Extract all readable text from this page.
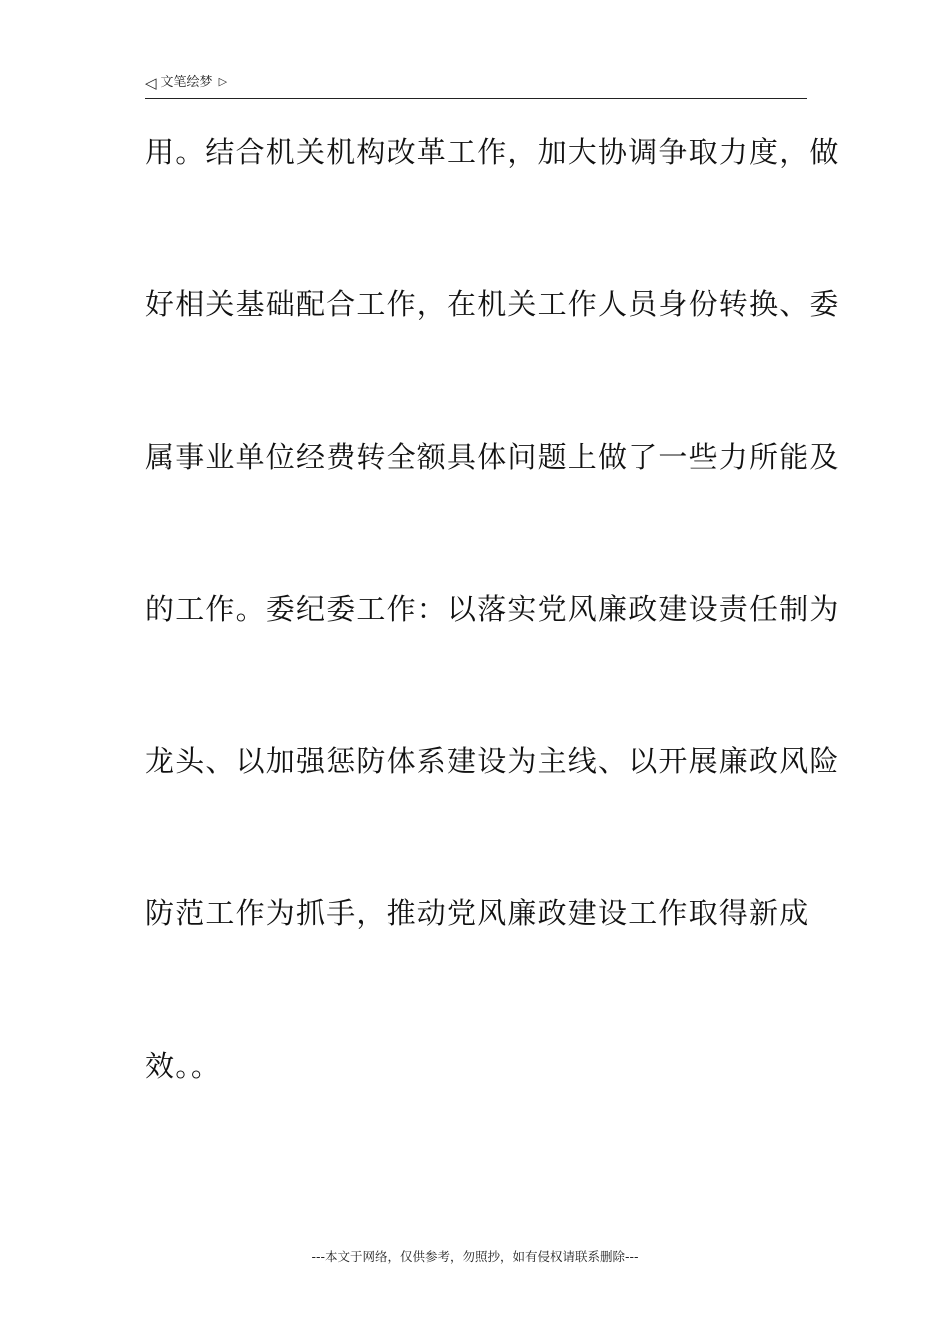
◁ 文笔绘梦 ▷
用。结合机关机构改革工作，加大协调争取力度，做
好相关基础配合工作，在机关工作人员身份转换、委
属事业单位经费转全额具体问题上做了一些力所能及
的工作。委纪委工作：以落实党风廉政建设责任制为
龙头、以加强惩防体系建设为主线、以开展廉政风险
防范工作为抓手，推动党风廉政建设工作取得新成
效。。
---本文于网络，仅供参考，勿照抄，如有侵权请联系删除---
